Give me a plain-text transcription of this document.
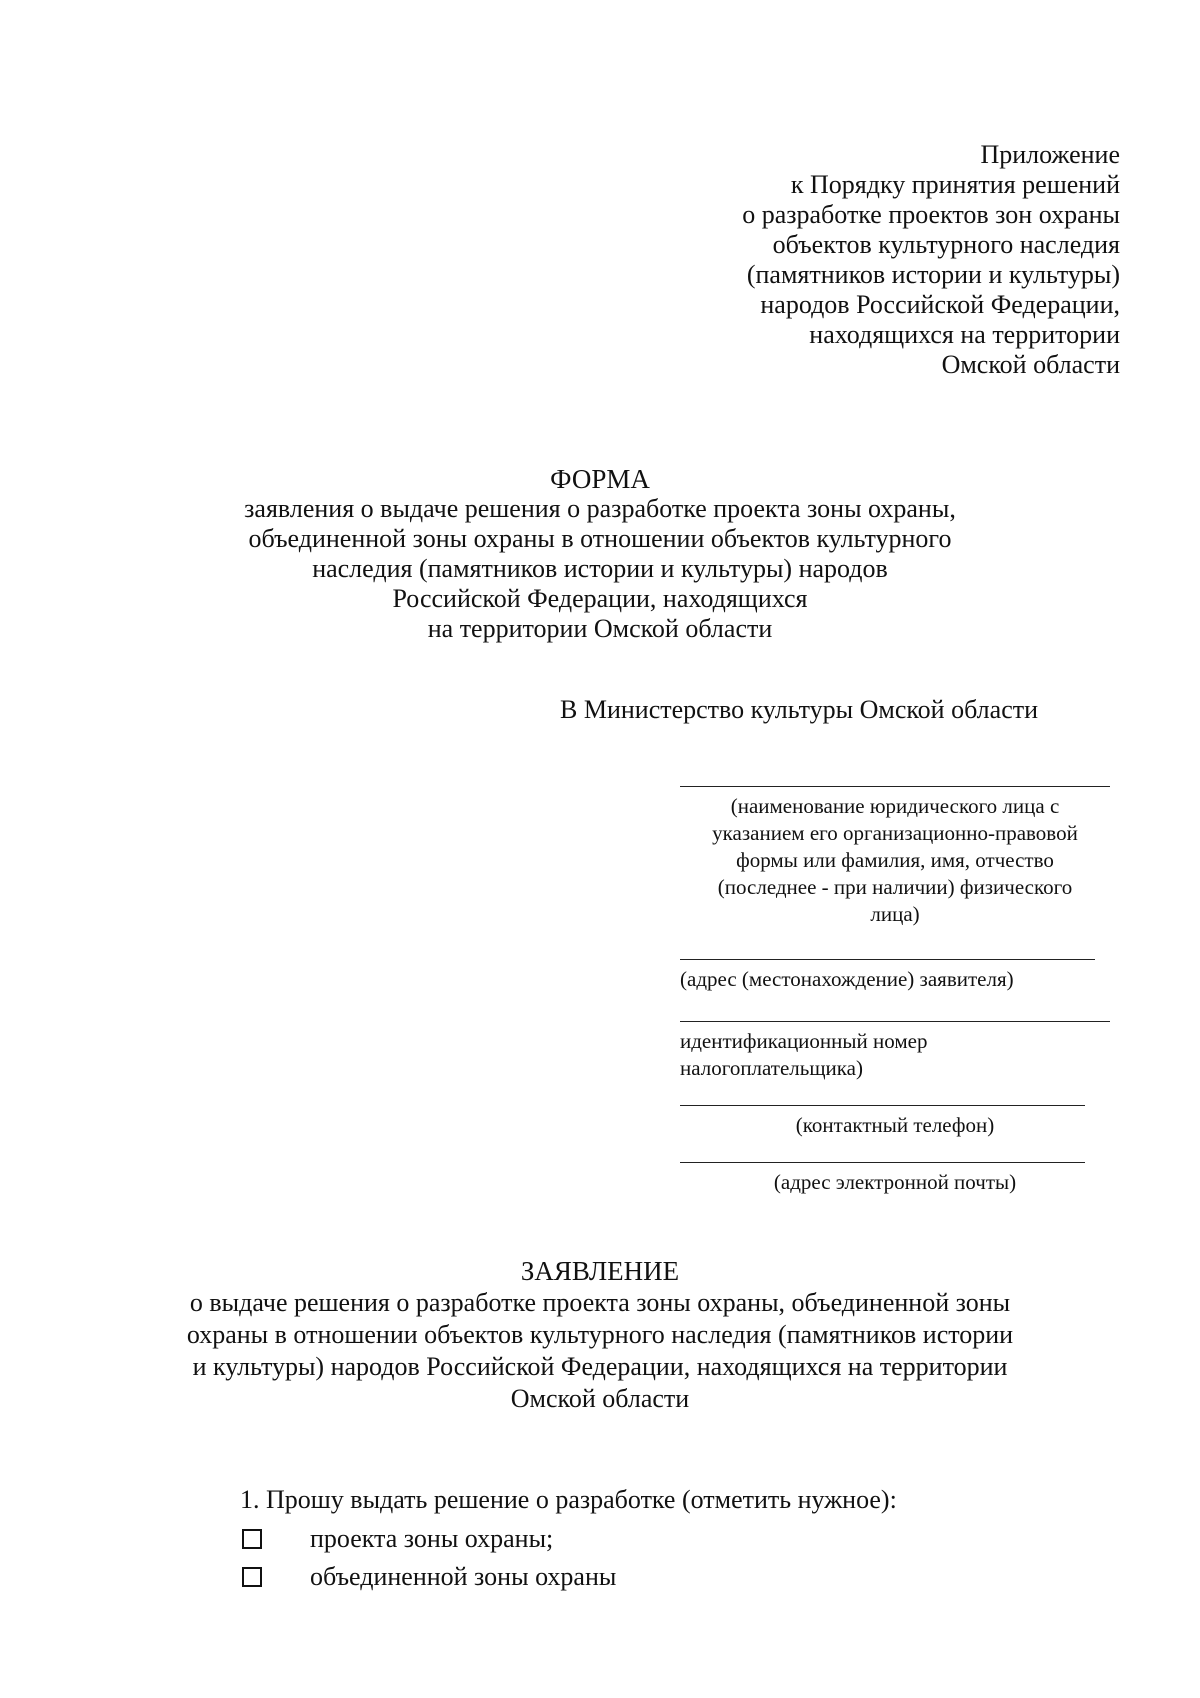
Приложение
к Порядку принятия решений
о разработке проектов зон охраны
объектов культурного наследия
(памятников истории и культуры)
народов Российской Федерации,
находящихся на территории
Омской области
ФОРМА
заявления о выдаче решения о разработке проекта зоны охраны,
объединенной зоны охраны в отношении объектов культурного
наследия (памятников истории и культуры) народов
Российской Федерации, находящихся
на территории Омской области
В Министерство культуры Омской области
(наименование юридического лица с
указанием его организационно-правовой
формы или фамилия, имя, отчество
(последнее - при наличии) физического
лица)
(адрес (местонахождение) заявителя)
идентификационный номер
налогоплательщика)
(контактный телефон)
(адрес электронной почты)
ЗАЯВЛЕНИЕ
о выдаче решения о разработке проекта зоны охраны, объединенной зоны
охраны в отношении объектов культурного наследия (памятников истории
и культуры) народов Российской Федерации, находящихся на территории
Омской области
1. Прошу выдать решение о разработке (отметить нужное):
проекта зоны охраны;
объединенной зоны охраны
